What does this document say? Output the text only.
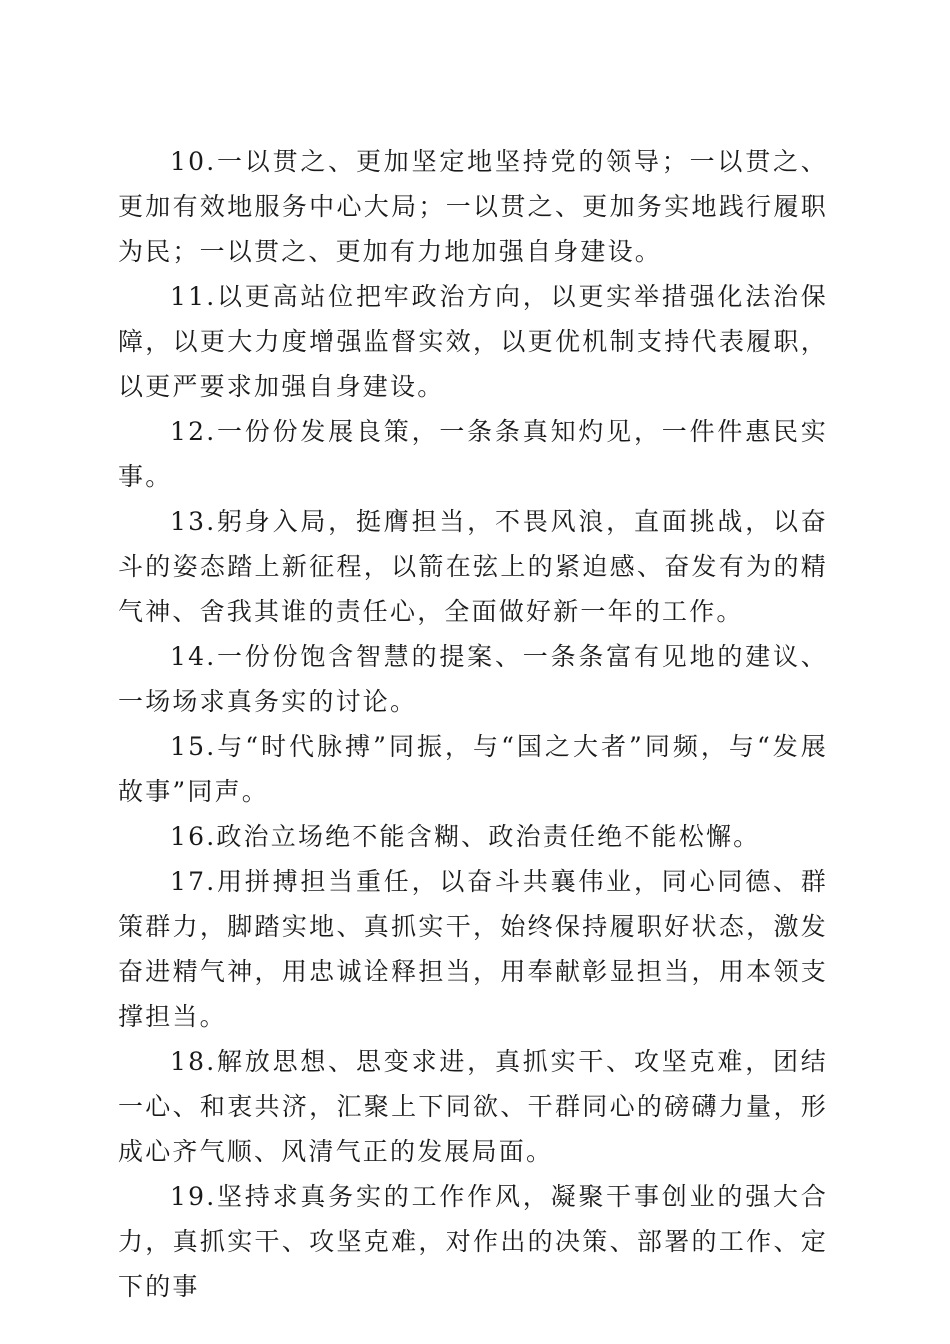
10.一以贯之、更加坚定地坚持党的领导；一以贯之、更加有效地服务中心大局；一以贯之、更加务实地践行履职为民；一以贯之、更加有力地加强自身建设。

11.以更高站位把牢政治方向，以更实举措强化法治保障，以更大力度增强监督实效，以更优机制支持代表履职，以更严要求加强自身建设。

12.一份份发展良策，一条条真知灼见，一件件惠民实事。

13.躬身入局，挺膺担当，不畏风浪，直面挑战，以奋斗的姿态踏上新征程，以箭在弦上的紧迫感、奋发有为的精气神、舍我其谁的责任心，全面做好新一年的工作。

14.一份份饱含智慧的提案、一条条富有见地的建议、一场场求真务实的讨论。

15.与“时代脉搏”同振，与“国之大者”同频，与“发展故事”同声。

16.政治立场绝不能含糊、政治责任绝不能松懈。

17.用拼搏担当重任，以奋斗共襄伟业，同心同德、群策群力，脚踏实地、真抓实干，始终保持履职好状态，激发奋进精气神，用忠诚诠释担当，用奉献彰显担当，用本领支撑担当。

18.解放思想、思变求进，真抓实干、攻坚克难，团结一心、和衷共济，汇聚上下同欲、干群同心的磅礴力量，形成心齐气顺、风清气正的发展局面。

19.坚持求真务实的工作作风，凝聚干事创业的强大合力，真抓实干、攻坚克难，对作出的决策、部署的工作、定下的事
